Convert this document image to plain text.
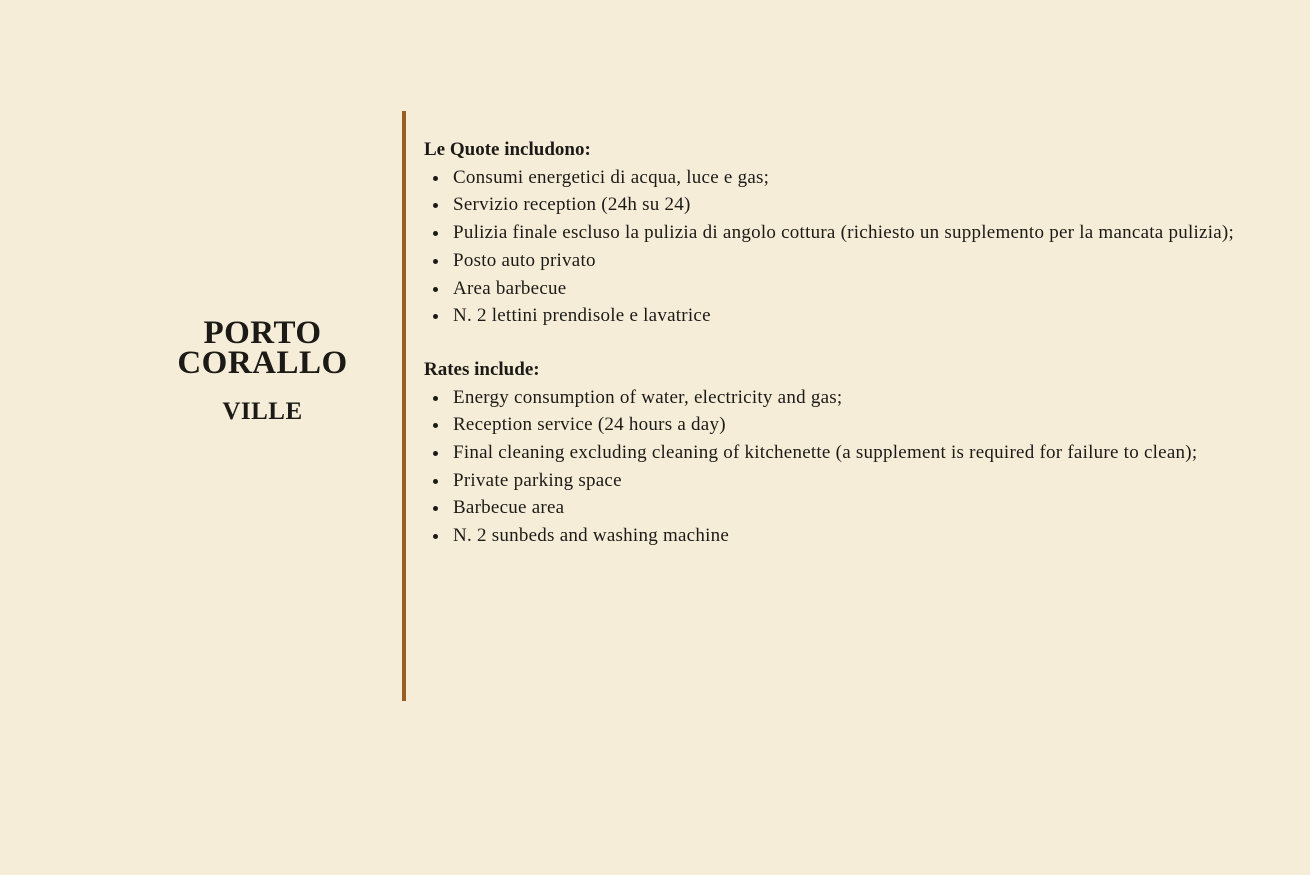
PORTO
CORALLO
VILLE

Le Quote includono:

Consumi energetici di acqua, luce e gas;
Servizio reception (24h su 24)
Pulizia finale escluso la pulizia di angolo cottura (richiesto un supplemento per la mancata pulizia);
Posto auto privato
Area barbecue
N. 2 lettini prendisole e lavatrice

Rates include:

Energy consumption of water, electricity and gas;
Reception service (24 hours a day)
Final cleaning excluding cleaning of kitchenette (a supplement is required for failure to clean);
Private parking space
Barbecue area
N. 2 sunbeds and washing machine
